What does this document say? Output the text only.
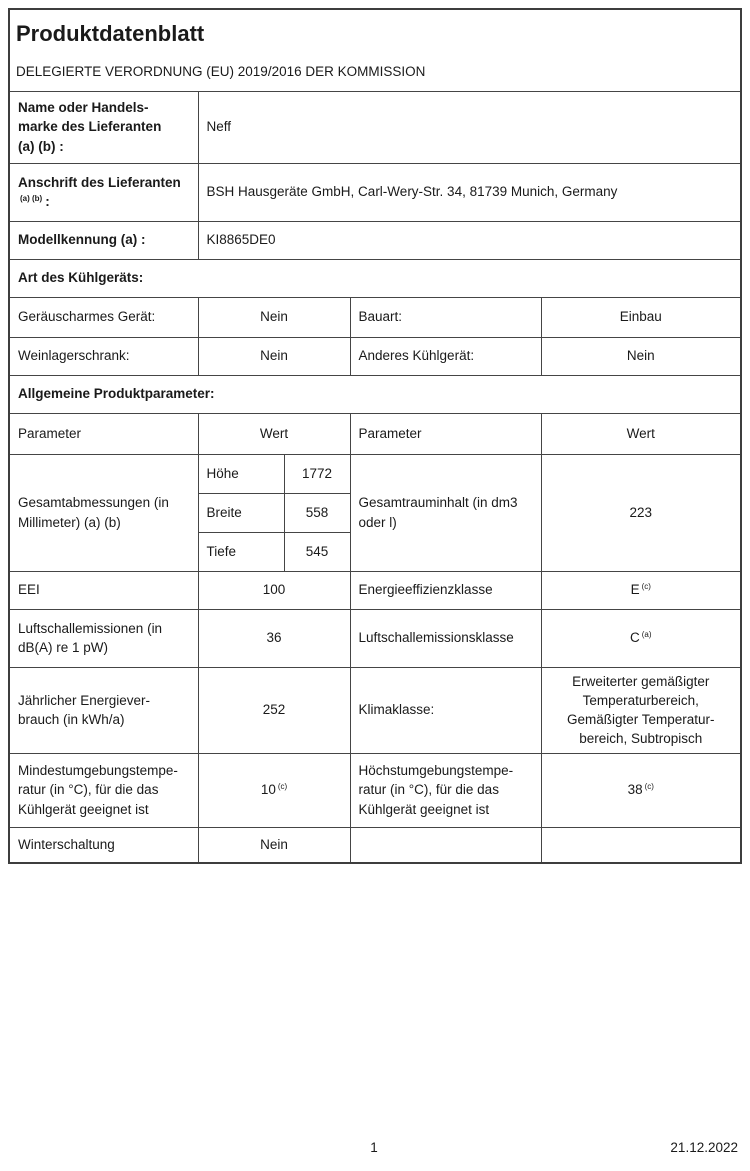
Produktdatenblatt
DELEGIERTE VERORDNUNG (EU) 2019/2016 DER KOMMISSION				

Name oder Handels-
marke des Lieferanten
(a) (b) :	Neff			
Anschrift des Lieferanten
$^{(a) (b)}$ :	BSH Hausgeräte GmbH, Carl-Wery-Str. 34, 81739 Munich, Germany			
Modellkennung (a) :	KI8865DE0			
Art des Kühlgeräts:				
Geräuscharmes Gerät:	Nein		Bauart:	Einbau
Weinlagerschrank:	Nein		Anderes Kühlgerät:	Nein
Allgemeine Produktparameter:				
Parameter	Wert		Parameter	Wert
Gesamtabmessungen (in
Millimeter) (a) (b)	Höhe	1772	Gesamtrauminhalt (in dm3
oder l)	223
	Breite	558		
	Tiefe	545		
EEI	100		Energieeffizienzklasse	E $^{(c)}$
Luftschallemissionen (in
dB(A) re 1 pW)	36		Luftschallemissionsklasse	C $^{(a)}$
Jährlicher Energiever-
brauch (in kWh/a)	252		Klimaklasse:	Erweiterter gemäßigter
Temperaturbereich,
Gemäßigter Temperatur-
bereich, Subtropisch
Mindestumgebungstempe-
ratur (in °C), für die das
Kühlgerät geeignet ist	10 $^{(c)}$		Höchstumgebungstempe-
ratur (in °C), für die das
Kühlgerät geeignet ist	38 $^{(c)}$
Winterschaltung	Nein			
1	21.12.2022
